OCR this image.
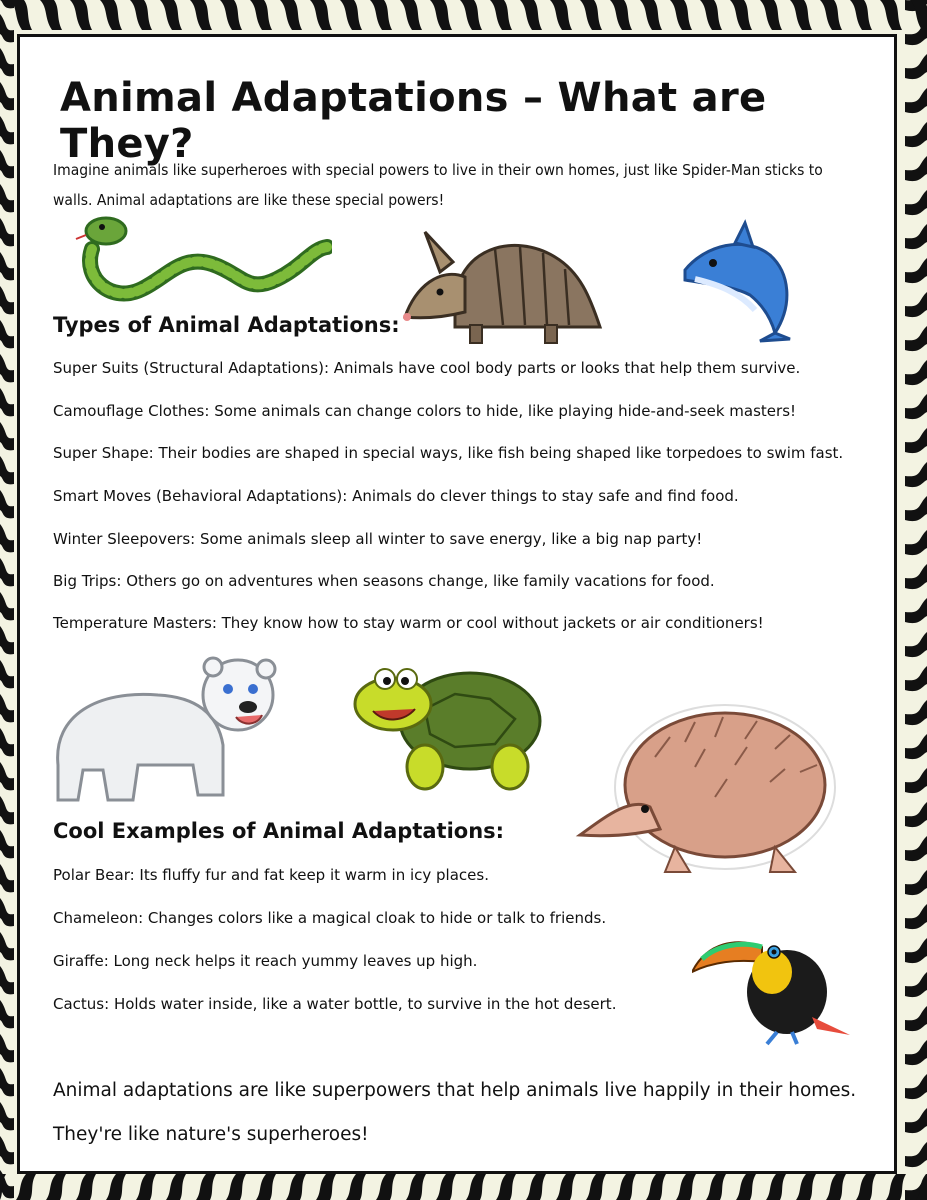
Animal Adaptations – What are They?

Imagine animals like superheroes with special powers to live in their own homes, just like Spider-Man sticks to walls. Animal adaptations are like these special powers!

Types of Animal Adaptations:

Super Suits (Structural Adaptations): Animals have cool body parts or looks that help them survive.

Camouflage Clothes: Some animals can change colors to hide, like playing hide-and-seek masters!

Super Shape: Their bodies are shaped in special ways, like fish being shaped like torpedoes to swim fast.

Smart Moves (Behavioral Adaptations): Animals do clever things to stay safe and find food.

Winter Sleepovers: Some animals sleep all winter to save energy, like a big nap party!

Big Trips: Others go on adventures when seasons change, like family vacations for food.

Temperature Masters: They know how to stay warm or cool without jackets or air conditioners!

Cool Examples of Animal Adaptations:

Polar Bear: Its fluffy fur and fat keep it warm in icy places.

Chameleon: Changes colors like a magical cloak to hide or talk to friends.

Giraffe: Long neck helps it reach yummy leaves up high.

Cactus: Holds water inside, like a water bottle, to survive in the hot desert.

Animal adaptations are like superpowers that help animals live happily in their homes. They're like nature's superheroes!
